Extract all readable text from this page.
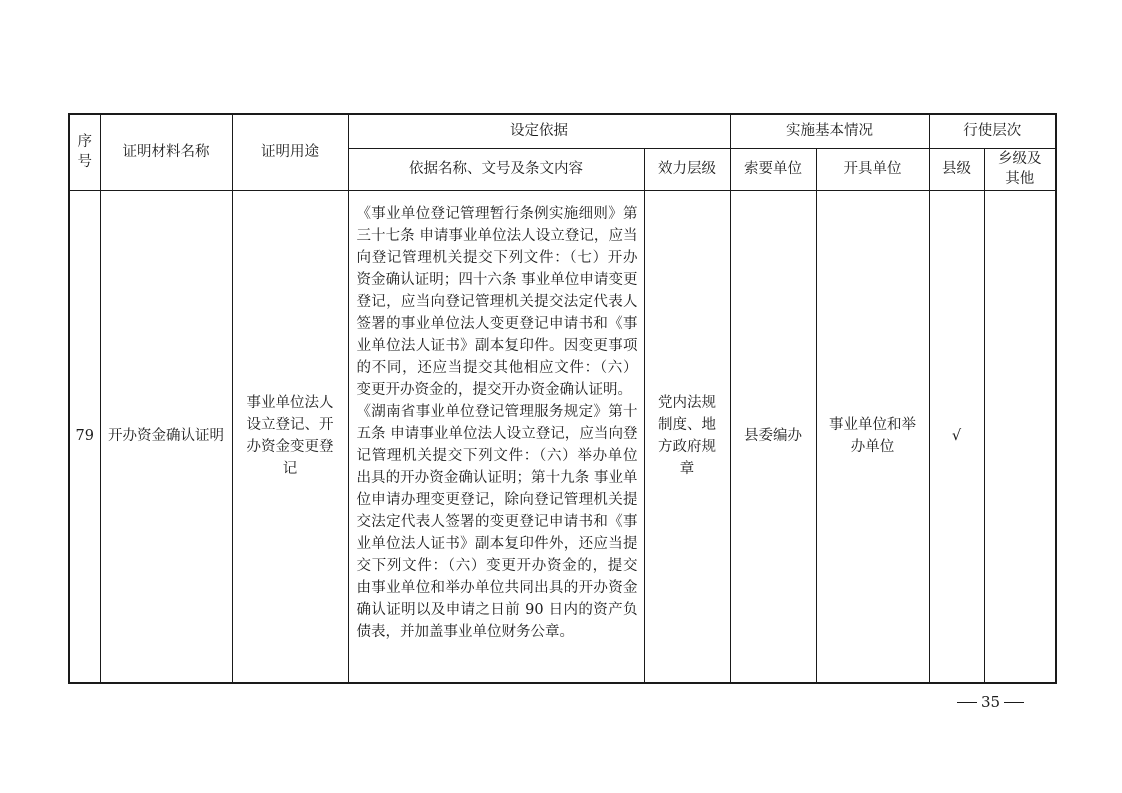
序
号	证明材料名称	证明用途	设定依据		实施基本情况		行使层次	
			依据名称、文号及条文内容	效力层级	索要单位	开具单位	县级	乡级及其他
79	开办资金确认证明	事业单位法人设立登记、开办资金变更登记	《事业单位登记管理暂行条例实施细则》第三十七条 申请事业单位法人设立登记，应当向登记管理机关提交下列文件：（七）开办资金确认证明；四十六条 事业单位申请变更登记，应当向登记管理机关提交法定代表人签署的事业单位法人变更登记申请书和《事业单位法人证书》副本复印件。因变更事项的不同，还应当提交其他相应文件：（六）变更开办资金的，提交开办资金确认证明。

《湖南省事业单位登记管理服务规定》第十五条 申请事业单位法人设立登记，应当向登记管理机关提交下列文件：（六）举办单位出具的开办资金确认证明；第十九条 事业单位申请办理变更登记，除向登记管理机关提交法定代表人签署的变更登记申请书和《事业单位法人证书》副本复印件外，还应当提交下列文件：（六）变更开办资金的，提交由事业单位和举办单位共同出具的开办资金确认证明以及申请之日前 90 日内的资产负债表，并加盖事业单位财务公章。	党内法规制度、地方政府规章	县委编办	事业单位和举办单位	√	
35
